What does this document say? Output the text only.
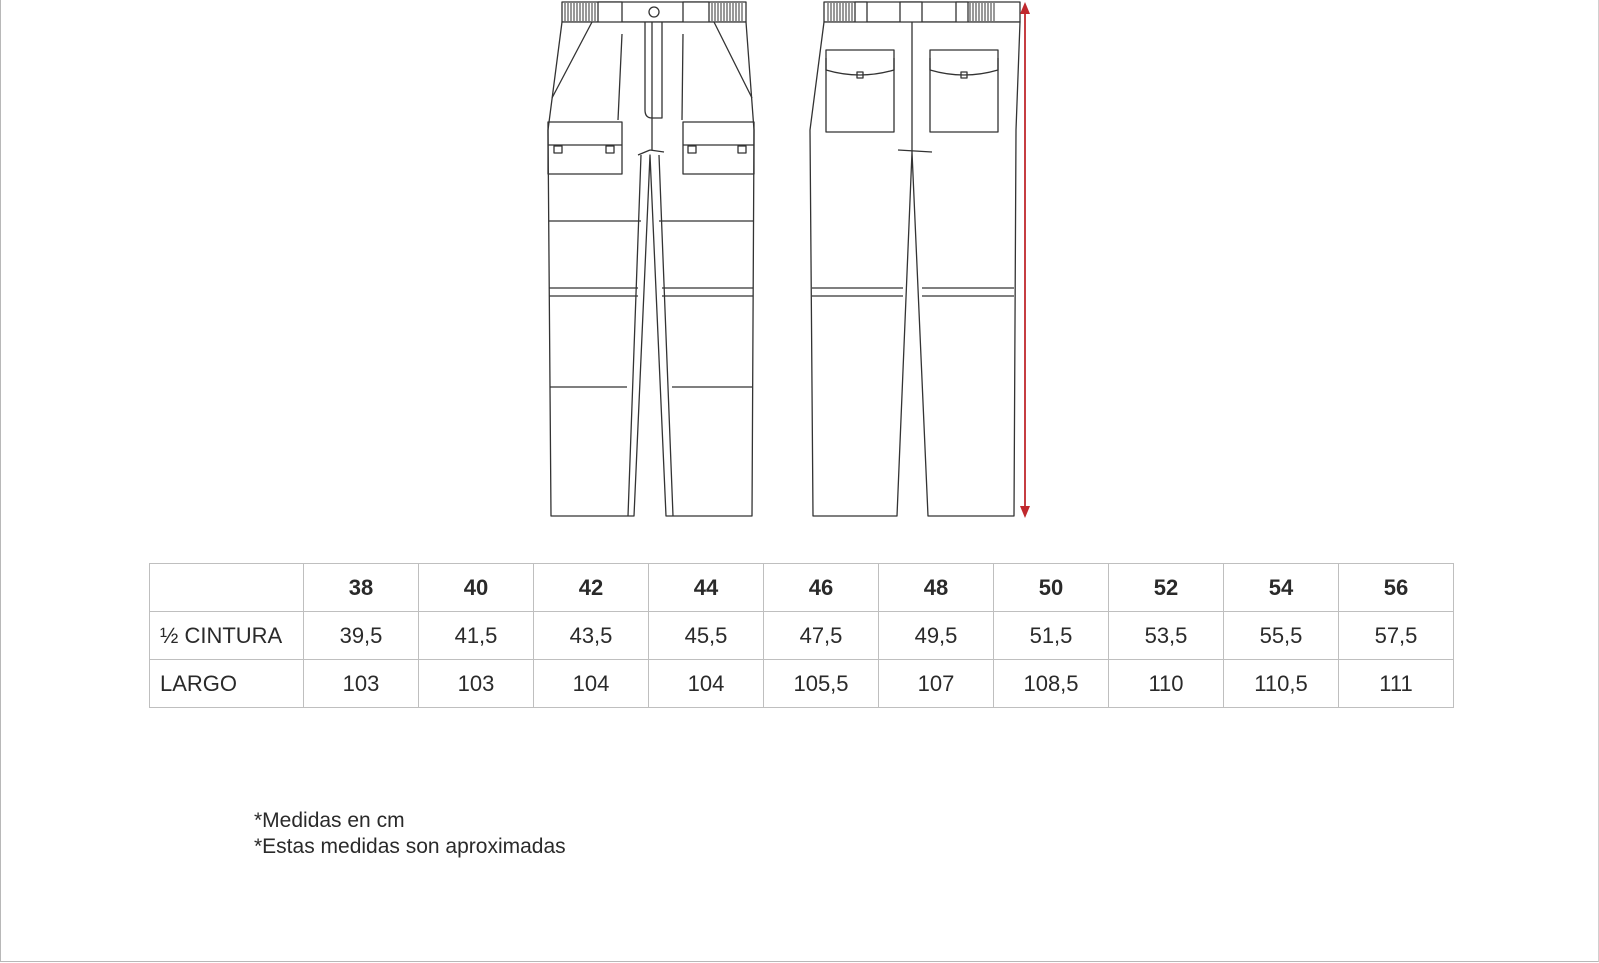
	38	40	42	44	46	48	50	52	54	56
½ CINTURA	39,5	41,5	43,5	45,5	47,5	49,5	51,5	53,5	55,5	57,5
LARGO	103	103	104	104	105,5	107	108,5	110	110,5	111
*Medidas en cm
*Estas medidas son aproximadas
